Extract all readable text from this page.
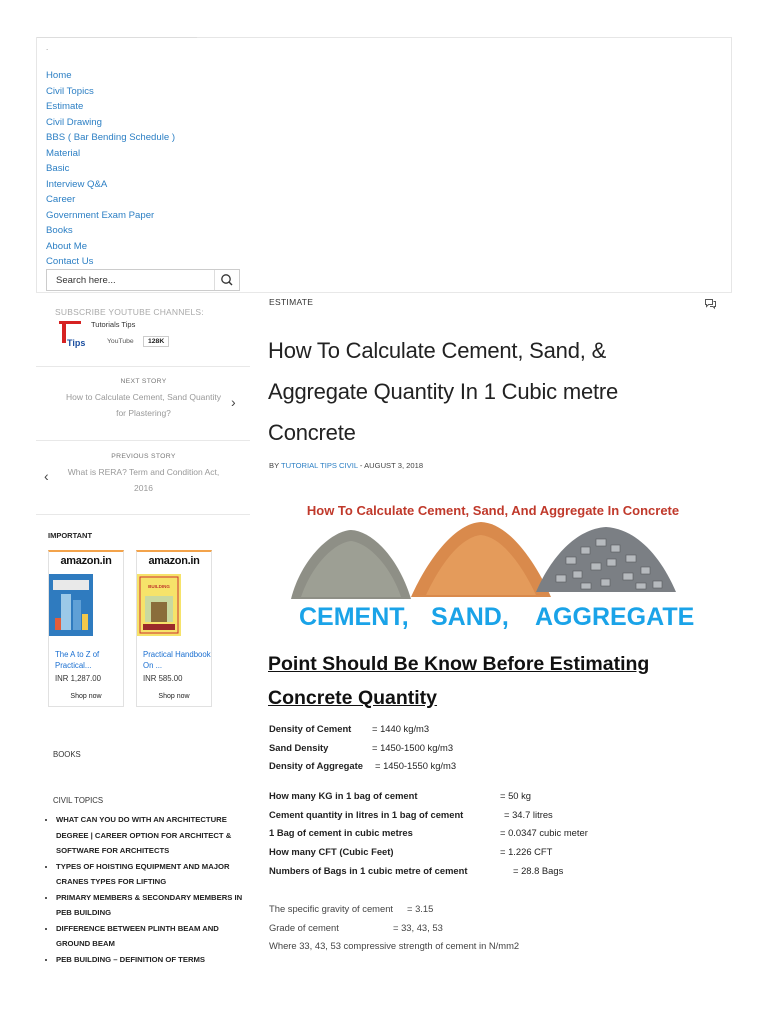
.
Home
Civil Topics
Estimate
Civil Drawing
BBS ( Bar Bending Schedule )
Material
Basic
Interview Q&A
Career
Government Exam Paper
Books
About Me
Contact Us
Search here...
SUBSCRIBE YOUTUBE CHANNELS:
Tips
Tutorials Tips
YouTube	128K
NEXT STORY
How to Calculate Cement, Sand Quantity for Plastering?
›
PREVIOUS STORY
What is RERA? Term and Condition Act, 2016
‹
IMPORTANT
amazon.in
The A to Z of Practical...
INR 1,287.00
Shop now
amazon.in
BUILDING
Practical Handbook On ...
INR 585.00
Shop now
BOOKS
CIVIL TOPICS
• WHAT CAN YOU DO WITH AN ARCHITECTURE DEGREE | CAREER OPTION FOR ARCHITECT & SOFTWARE FOR ARCHITECTS
• TYPES OF HOISTING EQUIPMENT AND MAJOR CRANES TYPES FOR LIFTING
• PRIMARY MEMBERS & SECONDARY MEMBERS IN PEB BUILDING
• DIFFERENCE BETWEEN PLINTH BEAM AND GROUND BEAM
• PEB BUILDING – DEFINITION OF TERMS
ESTIMATE
How To Calculate Cement, Sand, & Aggregate Quantity In 1 Cubic metre Concrete
BY TUTORIAL TIPS CIVIL - AUGUST 3, 2018
How To Calculate Cement, Sand, And Aggregate In Concrete
CEMENT, SAND, AGGREGATE
Point Should Be Know Before Estimating Concrete Quantity
Density of Cement = 1440 kg/m3
Sand Density	= 1450-1500 kg/m3
Density of Aggregate = 1450-1550 kg/m3
How many KG in 1 bag of cement	= 50 kg
Cement quantity in litres in 1 bag of cement	= 34.7 litres
1 Bag of cement in cubic metres	= 0.0347 cubic meter
How many CFT (Cubic Feet)	= 1.226 CFT
Numbers of Bags in 1 cubic metre of cement	= 28.8 Bags
The specific gravity of cement = 3.15
Grade of cement	= 33, 43, 53
Where 33, 43, 53 compressive strength of cement in N/mm2
